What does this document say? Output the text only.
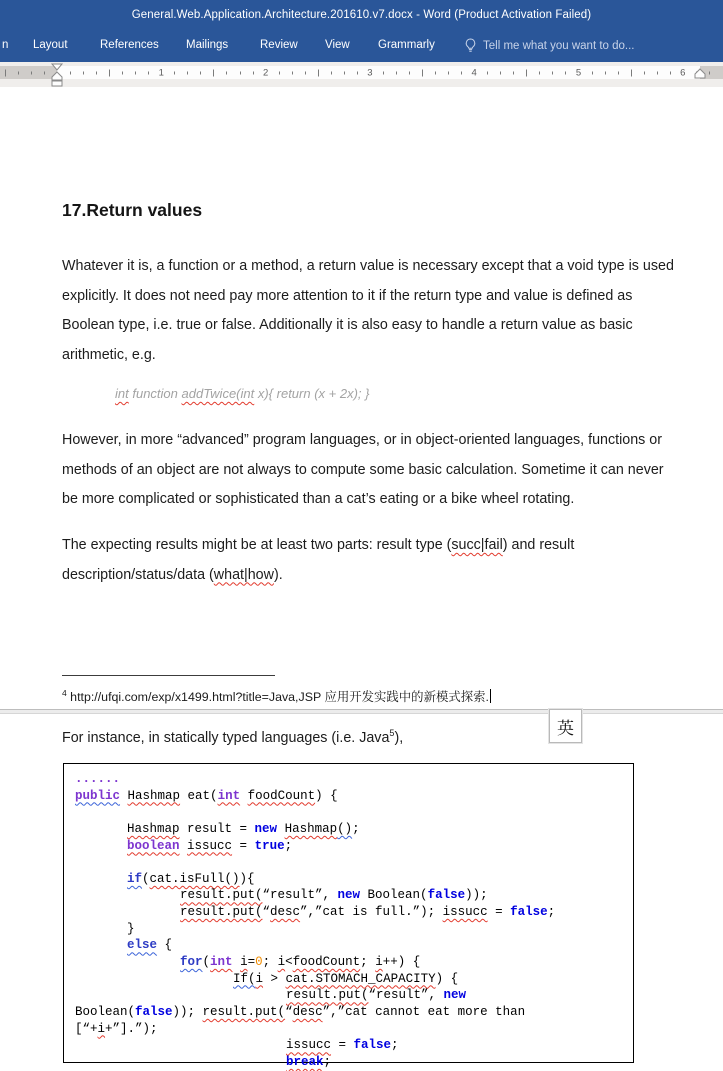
General.Web.Application.Architecture.201610.v7.docx - Word (Product Activation Failed)
Tell me what you want to do...
n Layout	References Mailings	Review View Grammarly
1	2	3	4	5	6
17.Return values
Whatever it is, a function or a method, a return value is necessary except that a void type is used
explicitly. It does not need pay more attention to it if the return type and value is defined as
Boolean type, i.e. true or false. Additionally it is also easy to handle a return value as basic
arithmetic, e.g.
int function addTwice(int x){ return (x + 2x); }
However, in more “advanced” program languages, or in object-oriented languages, functions or
methods of an object are not always to compute some basic calculation. Sometime it can never
be more complicated or sophisticated than a cat’s eating or a bike wheel rotating.
The expecting results might be at least two parts: result type (succ|fail) and result
description/status/data (what|how).
$^4$ http://ufqi.com/exp/x1499.html?title=Java,JSP 应用开发实践中的新模式探索.
For instance, in statically typed languages (i.e. Java$^5$),
英
......
public Hashmap eat(int foodCount) {

Hashmap result = new Hashmap();
boolean issucc = true;

if(cat.isFull()){
result.put(“result”, new Boolean(false));
result.put(“desc”,”cat is full.”); issucc = false;
}
else {
for(int i=0; i<foodCount; i++) {
If(i > cat.STOMACH_CAPACITY) {
result.put(“result”, new
Boolean(false)); result.put(“desc”,”cat cannot eat more than
[“+i+”].”);
issucc = false;
break;
